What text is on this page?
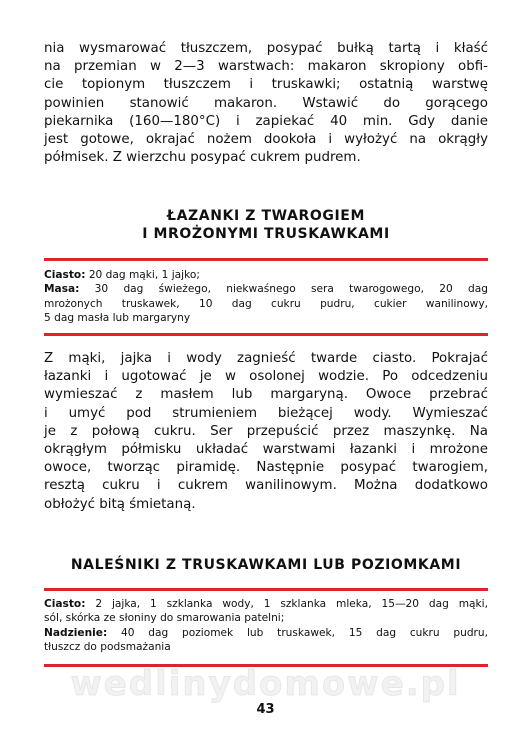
nia wysmarować tłuszczem, posypać bułką tartą i kłaść
na przemian w 2—3 warstwach: makaron skropiony obfi-
cie topionym tłuszczem i truskawki; ostatnią warstwę
powinien stanowić makaron. Wstawić do gorącego
piekarnika (160—180°C) i zapiekać 40 min. Gdy danie
jest gotowe, okrajać nożem dookoła i wyłożyć na okrągły
półmisek. Z wierzchu posypać cukrem pudrem.
ŁAZANKI Z TWAROGIEM
I MROŻONYMI TRUSKAWKAMI
Ciasto: 20 dag mąki, 1 jajko;
Masa: 30 dag świeżego, niekwaśnego sera twarogowego, 20 dag
mrożonych truskawek, 10 dag cukru pudru, cukier wanilinowy,
5 dag masła lub margaryny
Z mąki, jajka i wody zagnieść twarde ciasto. Pokrajać
łazanki i ugotować je w osolonej wodzie. Po odcedzeniu
wymieszać z masłem lub margaryną. Owoce przebrać
i umyć pod strumieniem bieżącej wody. Wymieszać
je z połową cukru. Ser przepuścić przez maszynkę. Na
okrągłym półmisku układać warstwami łazanki i mrożone
owoce, tworząc piramidę. Następnie posypać twarogiem,
resztą cukru i cukrem wanilinowym. Można dodatkowo
obłożyć bitą śmietaną.
NALEŚNIKI Z TRUSKAWKAMI LUB POZIOMKAMI
Ciasto: 2 jajka, 1 szklanka wody, 1 szklanka mleka, 15—20 dag mąki,
sól, skórka ze słoniny do smarowania patelni;
Nadzienie: 40 dag poziomek lub truskawek, 15 dag cukru pudru,
tłuszcz do podsmażania
wedlinydomowe.pl
43
